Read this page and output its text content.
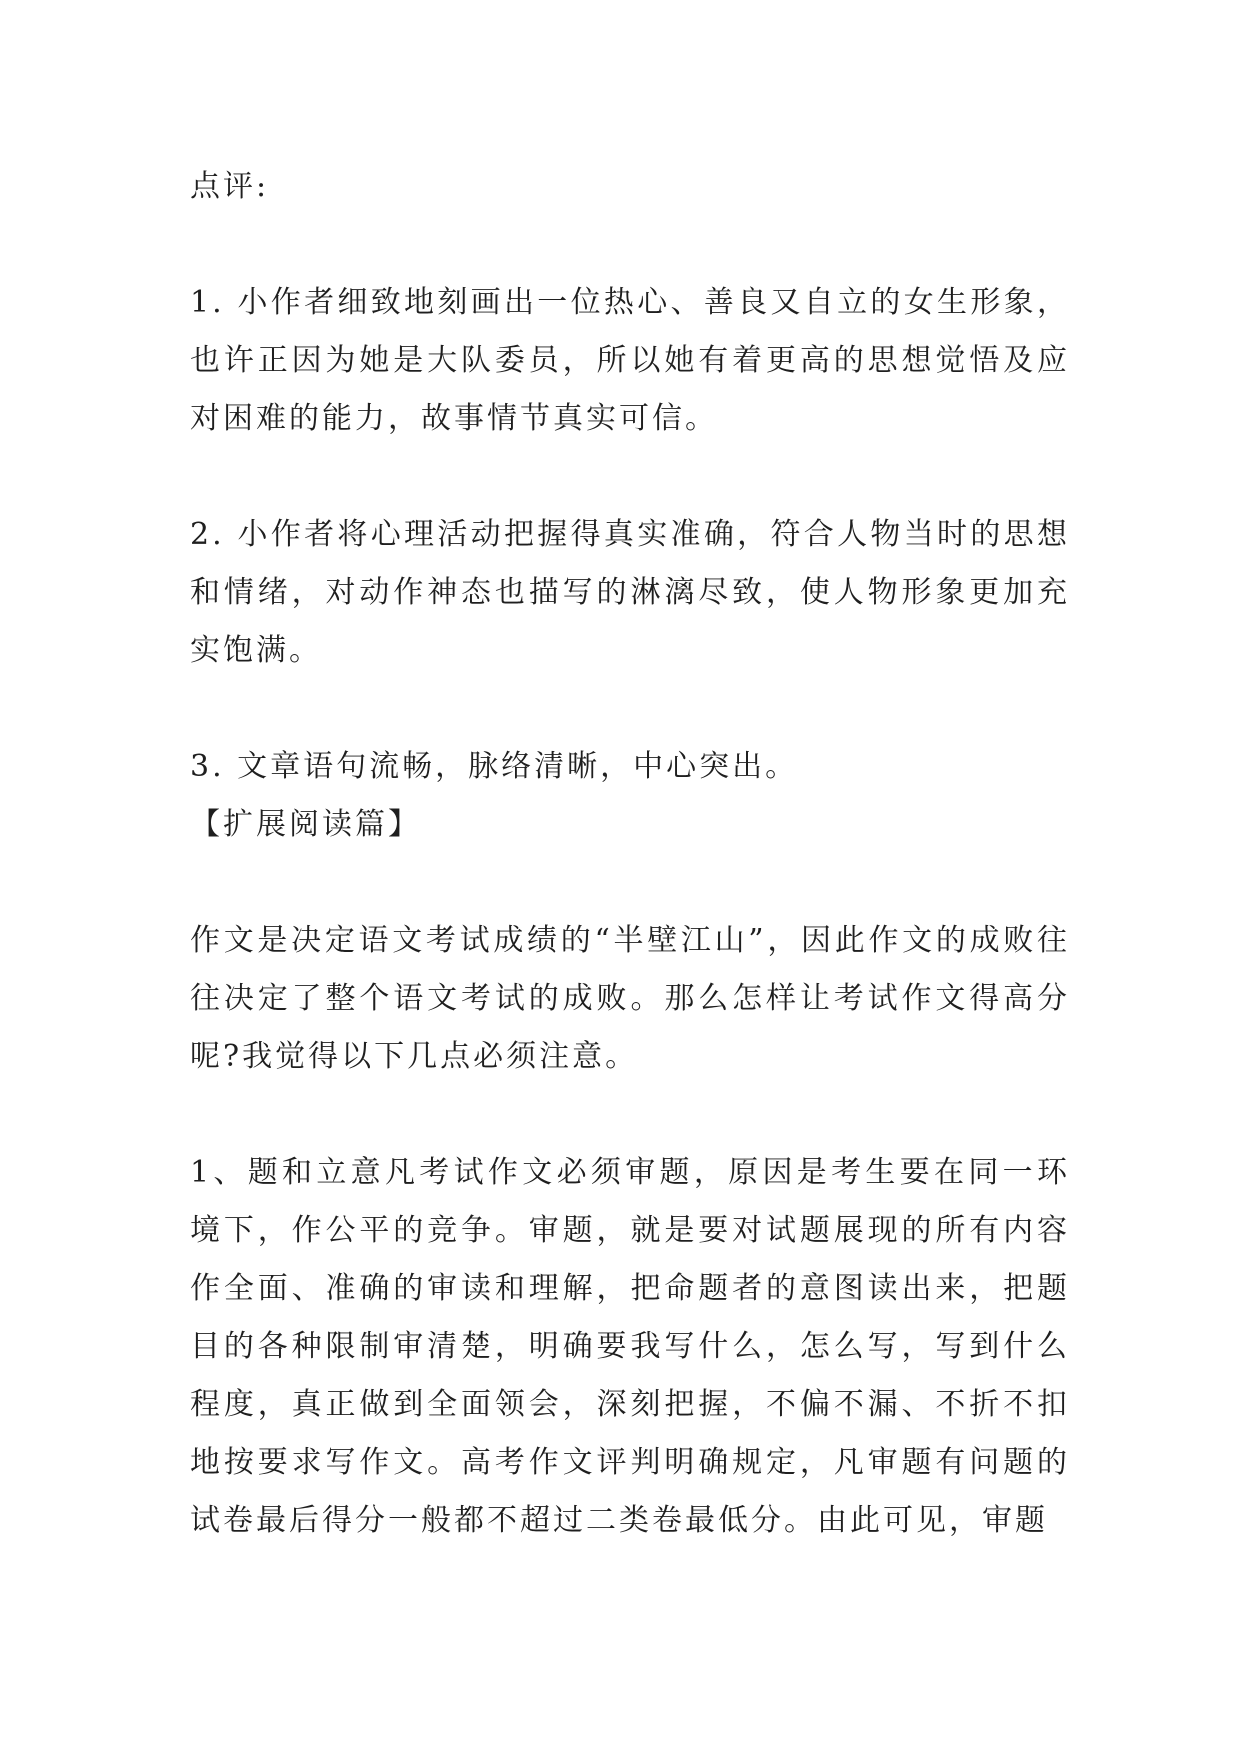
点评:

1. 小作者细致地刻画出一位热心、善良又自立的女生形象，也许正因为她是大队委员，所以她有着更高的思想觉悟及应对困难的能力，故事情节真实可信。

2. 小作者将心理活动把握得真实准确，符合人物当时的思想和情绪，对动作神态也描写的淋漓尽致，使人物形象更加充实饱满。

3. 文章语句流畅，脉络清晰，中心突出。

【扩展阅读篇】

作文是决定语文考试成绩的“半壁江山”，因此作文的成败往往决定了整个语文考试的成败。那么怎样让考试作文得高分呢?我觉得以下几点必须注意。

1、题和立意凡考试作文必须审题，原因是考生要在同一环境下，作公平的竞争。审题，就是要对试题展现的所有内容作全面、准确的审读和理解，把命题者的意图读出来，把题目的各种限制审清楚，明确要我写什么，怎么写，写到什么程度，真正做到全面领会，深刻把握，不偏不漏、不折不扣地按要求写作文。高考作文评判明确规定，凡审题有问题的试卷最后得分一般都不超过二类卷最低分。由此可见，审题
